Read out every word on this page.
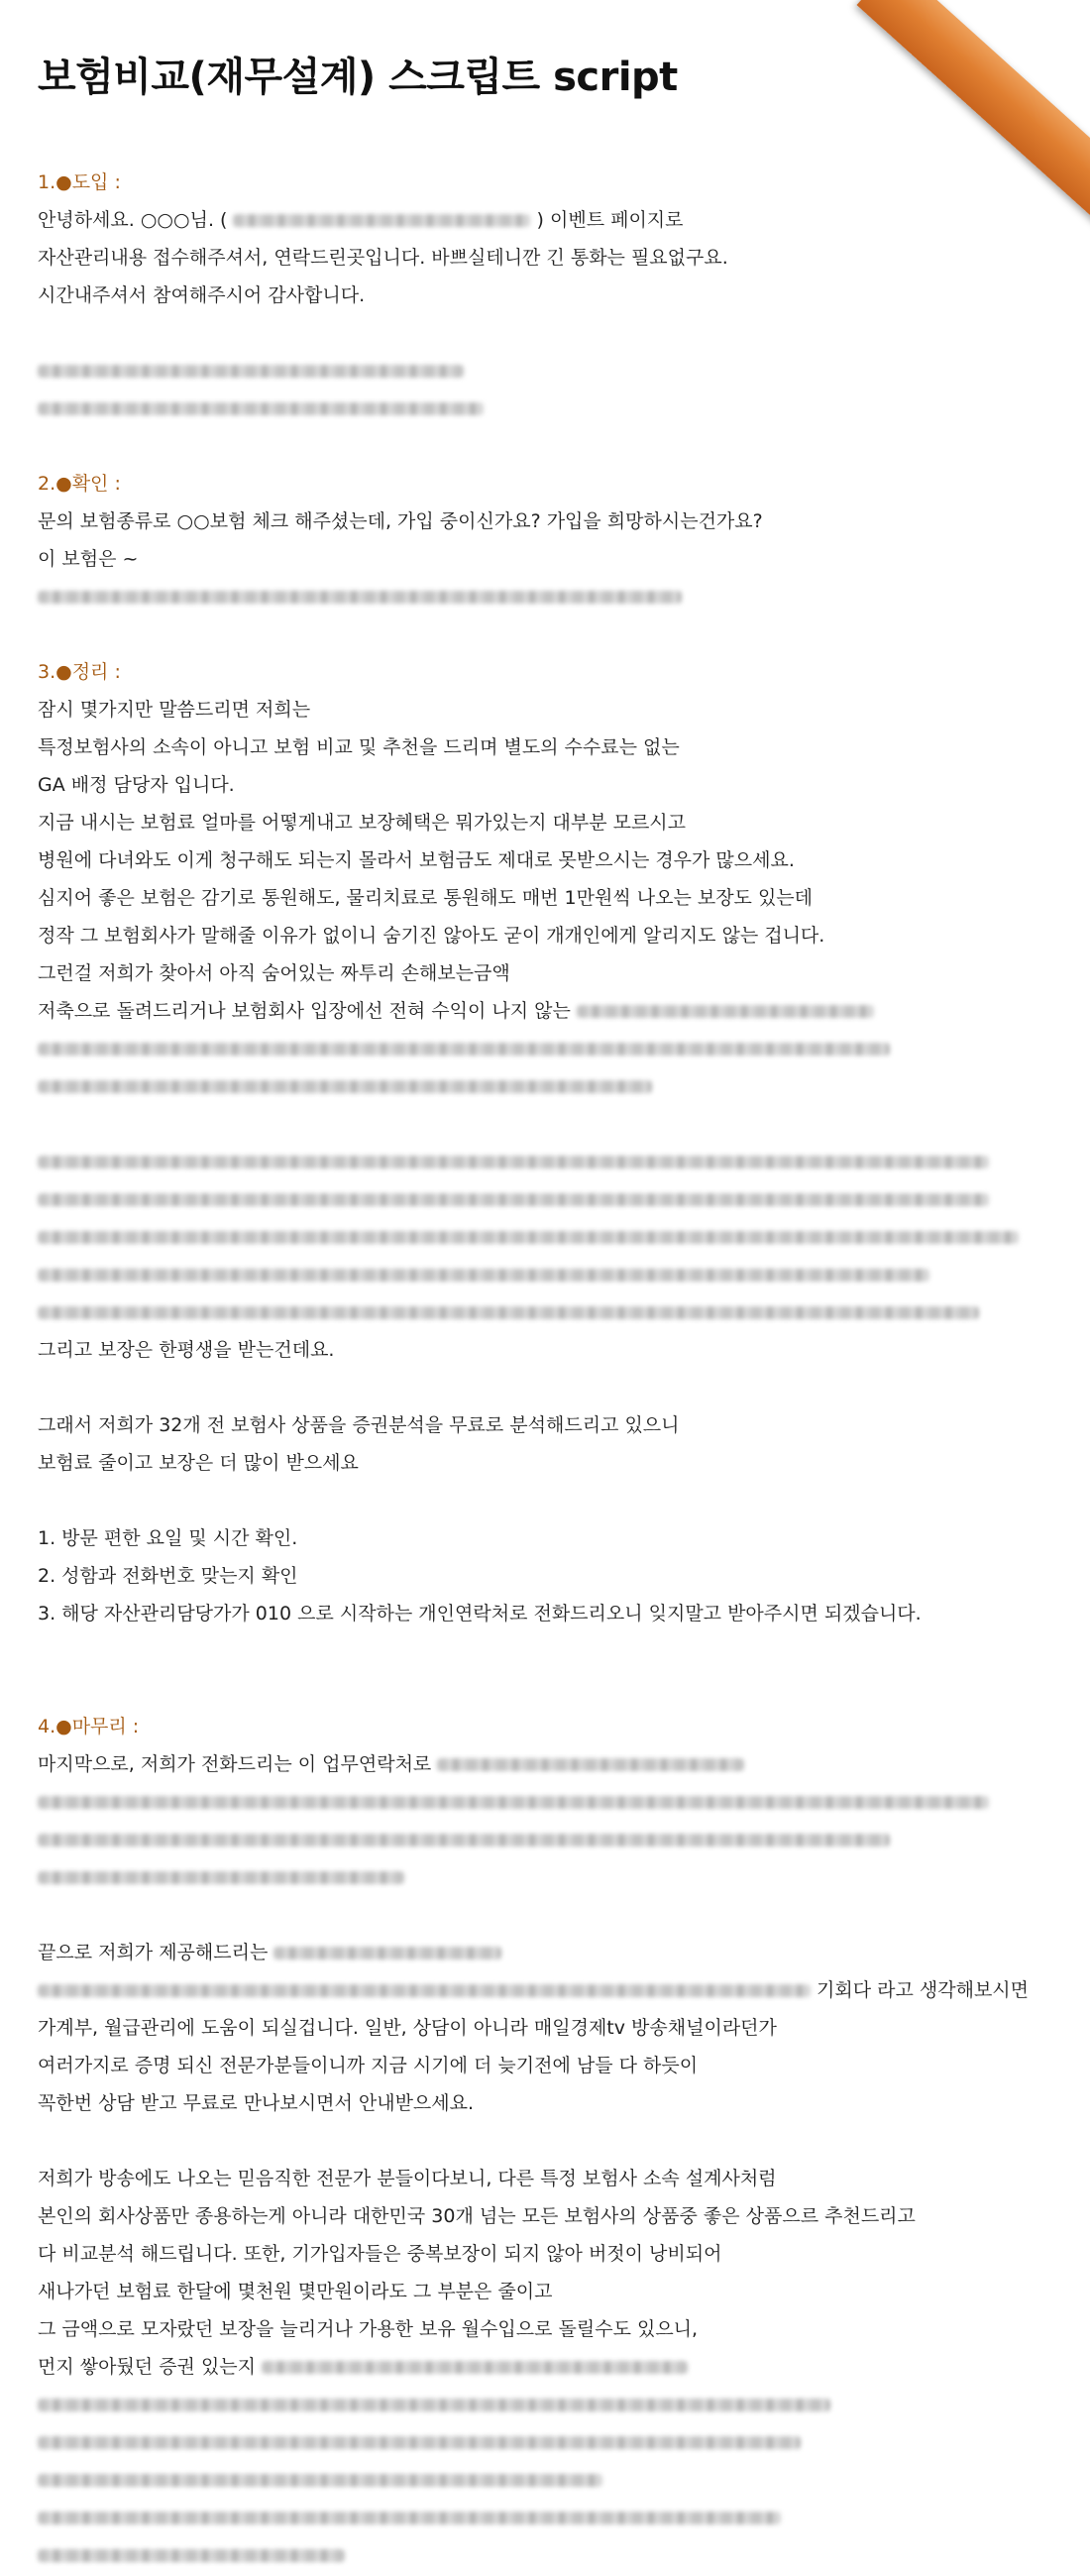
보험비교(재무설계) 스크립트 script
1.●도입 :
안녕하세요. ○○○님. (	) 이벤트 페이지로
자산관리내용 접수해주셔서, 연락드린곳입니다. 바쁘실테니깐 긴 통화는 필요없구요.
시간내주셔서 참여해주시어 감사합니다.
2.●확인 :
문의 보험종류로 ○○보험 체크 해주셨는데, 가입 중이신가요? 가입을 희망하시는건가요?
이 보험은 ~
3.●정리 :
잠시 몇가지만 말씀드리면 저희는
특정보험사의 소속이 아니고 보험 비교 및 추천을 드리며 별도의 수수료는 없는
GA 배정 담당자 입니다.
지금 내시는 보험료 얼마를 어떻게내고 보장혜택은 뭐가있는지 대부분 모르시고
병원에 다녀와도 이게 청구해도 되는지 몰라서 보험금도 제대로 못받으시는 경우가 많으세요.
심지어 좋은 보험은 감기로 통원해도, 물리치료로 통원해도 매번 1만원씩 나오는 보장도 있는데
정작 그 보험회사가 말해줄 이유가 없이니 숨기진 않아도 굳이 개개인에게 알리지도 않는 겁니다.
그런걸 저희가 찾아서 아직 숨어있는 짜투리 손해보는금액
저축으로 돌려드리거나 보험회사 입장에선 전혀 수익이 나지 않는
그리고 보장은 한평생을 받는건데요.
그래서 저희가 32개 전 보험사 상품을 증권분석을 무료로 분석해드리고 있으니
보험료 줄이고 보장은 더 많이 받으세요
1. 방문 편한 요일 및 시간 확인.
2. 성함과 전화번호 맞는지 확인
3. 해당 자산관리담당가가 010 으로 시작하는 개인연락처로 전화드리오니 잊지말고 받아주시면 되겠습니다.
4.●마무리 :
마지막으로, 저희가 전화드리는 이 업무연락처로
끝으로 저희가 제공해드리는
기회다 라고 생각해보시면
가계부, 월급관리에 도움이 되실겁니다. 일반, 상담이 아니라 매일경제tv 방송채널이라던가
여러가지로 증명 되신 전문가분들이니까 지금 시기에 더 늦기전에 남들 다 하듯이
꼭한번 상담 받고 무료로 만나보시면서 안내받으세요.
저희가 방송에도 나오는 믿음직한 전문가 분들이다보니, 다른 특정 보험사 소속 설계사처럼
본인의 회사상품만 종용하는게 아니라 대한민국 30개 넘는 모든 보험사의 상품중 좋은 상품으르 추천드리고
다 비교분석 해드립니다. 또한, 기가입자들은 중복보장이 되지 않아 버젓이 낭비되어
새나가던 보험료 한달에 몇천원 몇만원이라도 그 부분은 줄이고
그 금액으로 모자랐던 보장을 늘리거나 가용한 보유 월수입으로 돌릴수도 있으니,
먼지 쌓아뒀던 증권 있는지
